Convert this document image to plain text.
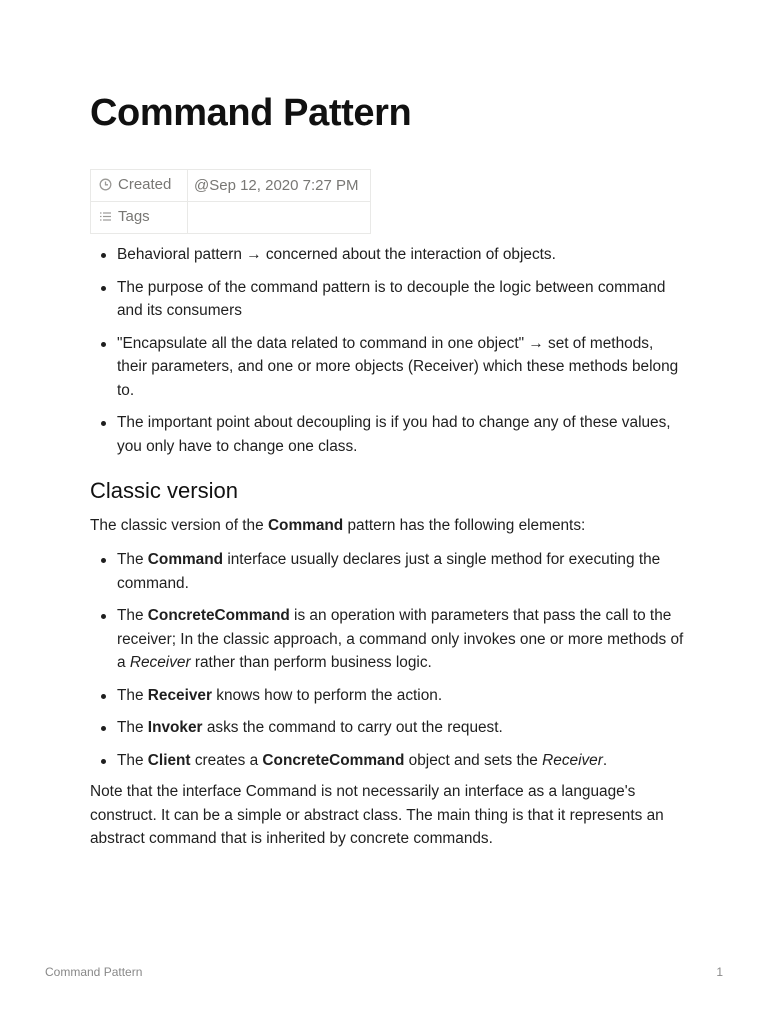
Command Pattern
Created	@Sep 12, 2020 7:27 PM
Tags	
Behavioral pattern → concerned about the interaction of objects.
The purpose of the command pattern is to decouple the logic between command and its consumers
"Encapsulate all the data related to command in one object" → set of methods, their parameters, and one or more objects (Receiver) which these methods belong to.
The important point about decoupling is if you had to change any of these values, you only have to change one class.
Classic version

The classic version of the Command pattern has the following elements:

The Command interface usually declares just a single method for executing the command.
The ConcreteCommand is an operation with parameters that pass the call to the receiver; In the classic approach, a command only invokes one or more methods of a Receiver rather than perform business logic.
The Receiver knows how to perform the action.
The Invoker asks the command to carry out the request.
The Client creates a ConcreteCommand object and sets the Receiver.

Note that the interface Command is not necessarily an interface as a language's construct. It can be a simple or abstract class. The main thing is that it represents an abstract command that is inherited by concrete commands.

Command Pattern	1
